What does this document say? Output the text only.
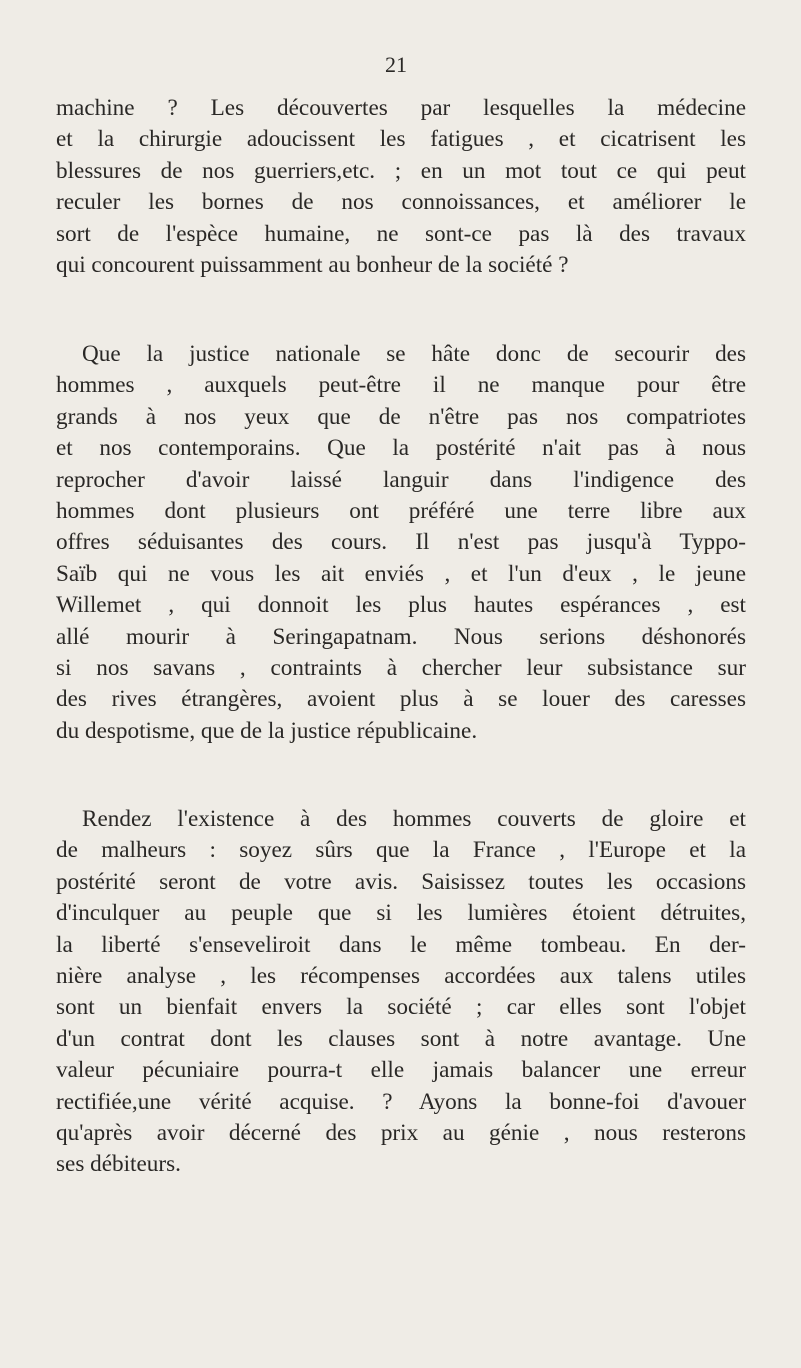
21
machine ? Les découvertes par lesquelles la médecine
et la chirurgie adoucissent les fatigues , et cicatrisent les
blessures de nos guerriers,etc. ; en un mot tout ce qui peut
reculer les bornes de nos connoissances, et améliorer le
sort de l'espèce humaine, ne sont-ce pas là des travaux
qui concourent puissamment au bonheur de la société ?
Que la justice nationale se hâte donc de secourir des
hommes , auxquels peut-être il ne manque pour être
grands à nos yeux que de n'être pas nos compatriotes
et nos contemporains. Que la postérité n'ait pas à nous
reprocher d'avoir laissé languir dans l'indigence des
hommes dont plusieurs ont préféré une terre libre aux
offres séduisantes des cours. Il n'est pas jusqu'à Typpo-
Saïb qui ne vous les ait enviés , et l'un d'eux , le jeune
Willemet , qui donnoit les plus hautes espérances , est
allé mourir à Seringapatnam. Nous serions déshonorés
si nos savans , contraints à chercher leur subsistance sur
des rives étrangères, avoient plus à se louer des caresses
du despotisme, que de la justice républicaine.
Rendez l'existence à des hommes couverts de gloire et
de malheurs : soyez sûrs que la France , l'Europe et la
postérité seront de votre avis. Saisissez toutes les occasions
d'inculquer au peuple que si les lumières étoient détruites,
la liberté s'enseveliroit dans le même tombeau. En der-
nière analyse , les récompenses accordées aux talens utiles
sont un bienfait envers la société ; car elles sont l'objet
d'un contrat dont les clauses sont à notre avantage. Une
valeur pécuniaire pourra-t elle jamais balancer une erreur
rectifiée,une vérité acquise. ? Ayons la bonne-foi d'avouer
qu'après avoir décerné des prix au génie , nous resterons
ses débiteurs.
